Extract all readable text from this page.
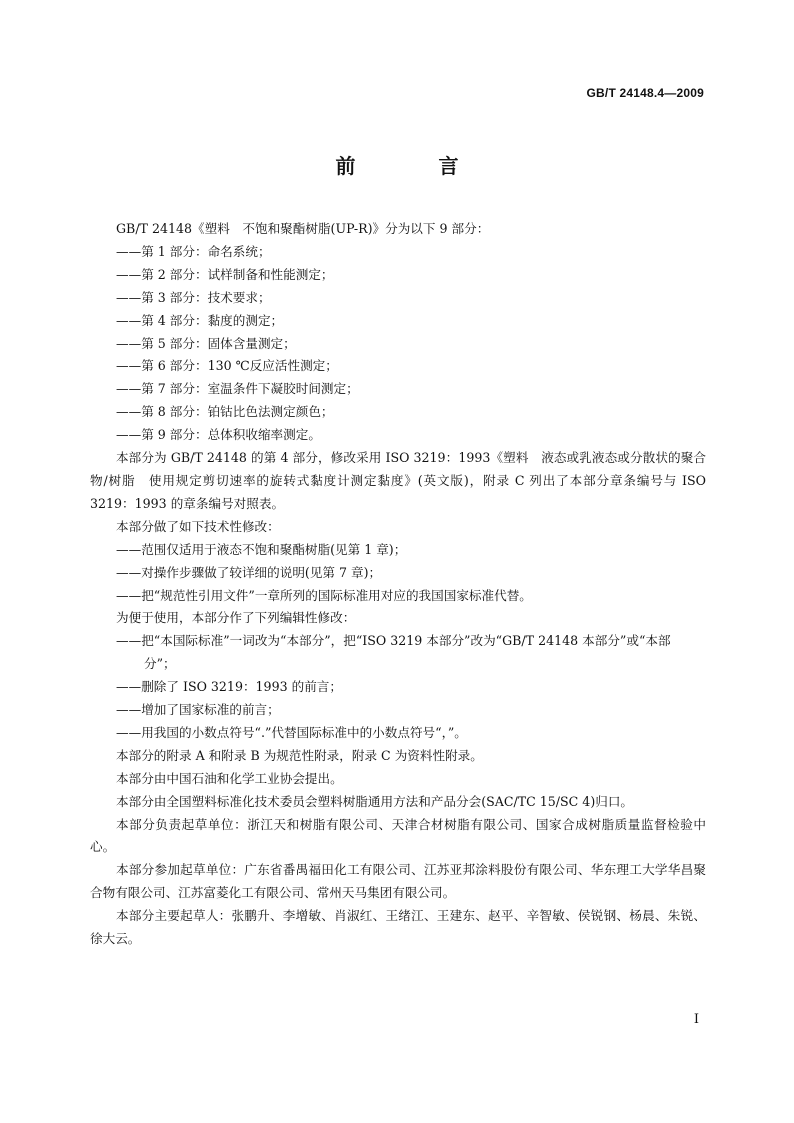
GB/T 24148.4—2009
前 言

GB/T 24148《塑料　不饱和聚酯树脂(UP-R)》分为以下 9 部分：

——第 1 部分：命名系统；

——第 2 部分：试样制备和性能测定；

——第 3 部分：技术要求；

——第 4 部分：黏度的测定；

——第 5 部分：固体含量测定；

——第 6 部分：130 ℃反应活性测定；

——第 7 部分：室温条件下凝胶时间测定；

——第 8 部分：铂钴比色法测定颜色；

——第 9 部分：总体积收缩率测定。

本部分为 GB/T 24148 的第 4 部分，修改采用 ISO 3219：1993《塑料　液态或乳液态或分散状的聚合物/树脂　使用规定剪切速率的旋转式黏度计测定黏度》(英文版)，附录 C 列出了本部分章条编号与 ISO 3219：1993 的章条编号对照表。

本部分做了如下技术性修改：

——范围仅适用于液态不饱和聚酯树脂(见第 1 章)；

——对操作步骤做了较详细的说明(见第 7 章)；

——把“规范性引用文件”一章所列的国际标准用对应的我国国家标准代替。

为便于使用，本部分作了下列编辑性修改：

——把“本国际标准”一词改为“本部分”，把“ISO 3219 本部分”改为“GB/T 24148 本部分”或“本部
分”；

——删除了 ISO 3219：1993 的前言；

——增加了国家标准的前言；

——用我国的小数点符号“.”代替国际标准中的小数点符号“，”。

本部分的附录 A 和附录 B 为规范性附录，附录 C 为资料性附录。

本部分由中国石油和化学工业协会提出。

本部分由全国塑料标准化技术委员会塑料树脂通用方法和产品分会(SAC/TC 15/SC 4)归口。

本部分负责起草单位：浙江天和树脂有限公司、天津合材树脂有限公司、国家合成树脂质量监督检验中心。

本部分参加起草单位：广东省番禺福田化工有限公司、江苏亚邦涂料股份有限公司、华东理工大学华昌聚合物有限公司、江苏富菱化工有限公司、常州天马集团有限公司。

本部分主要起草人：张鹏升、李增敏、肖淑红、王绪江、王建东、赵平、辛智敏、侯锐钢、杨晨、朱锐、徐大云。

I
